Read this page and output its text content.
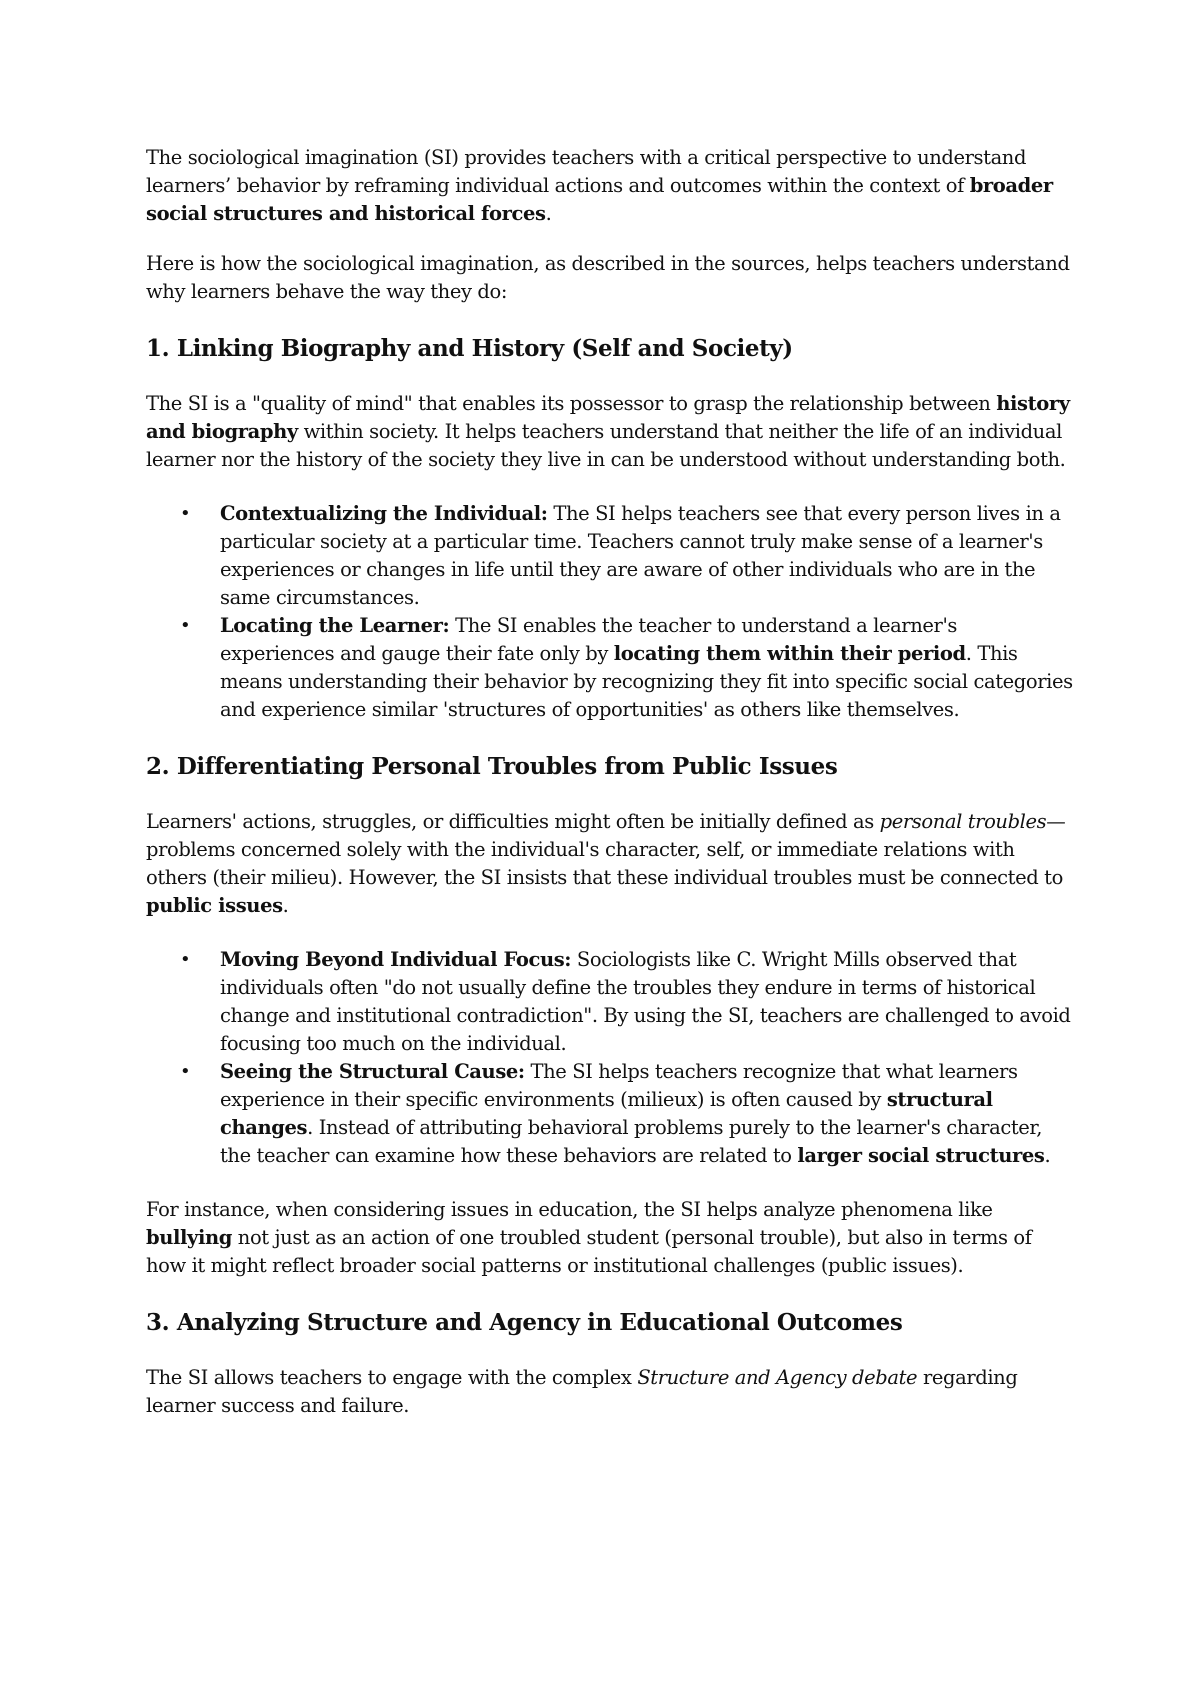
The sociological imagination (SI) provides teachers with a critical perspective to understand learners’ behavior by reframing individual actions and outcomes within the context of broader social structures and historical forces.

Here is how the sociological imagination, as described in the sources, helps teachers understand why learners behave the way they do:

1. Linking Biography and History (Self and Society)

The SI is a "quality of mind" that enables its possessor to grasp the relationship between history and biography within society. It helps teachers understand that neither the life of an individual learner nor the history of the society they live in can be understood without understanding both.

• Contextualizing the Individual: The SI helps teachers see that every person lives in a particular society at a particular time. Teachers cannot truly make sense of a learner's experiences or changes in life until they are aware of other individuals who are in the same circumstances.
• Locating the Learner: The SI enables the teacher to understand a learner's experiences and gauge their fate only by locating them within their period. This means understanding their behavior by recognizing they fit into specific social categories and experience similar 'structures of opportunities' as others like themselves.
2. Differentiating Personal Troubles from Public Issues

Learners' actions, struggles, or difficulties might often be initially defined as personal troubles—problems concerned solely with the individual's character, self, or immediate relations with others (their milieu). However, the SI insists that these individual troubles must be connected to public issues.

• Moving Beyond Individual Focus: Sociologists like C. Wright Mills observed that individuals often "do not usually define the troubles they endure in terms of historical change and institutional contradiction". By using the SI, teachers are challenged to avoid focusing too much on the individual.
• Seeing the Structural Cause: The SI helps teachers recognize that what learners experience in their specific environments (milieux) is often caused by structural changes. Instead of attributing behavioral problems purely to the learner's character, the teacher can examine how these behaviors are related to larger social structures.

For instance, when considering issues in education, the SI helps analyze phenomena like bullying not just as an action of one troubled student (personal trouble), but also in terms of how it might reflect broader social patterns or institutional challenges (public issues).

3. Analyzing Structure and Agency in Educational Outcomes

The SI allows teachers to engage with the complex Structure and Agency debate regarding learner success and failure.
